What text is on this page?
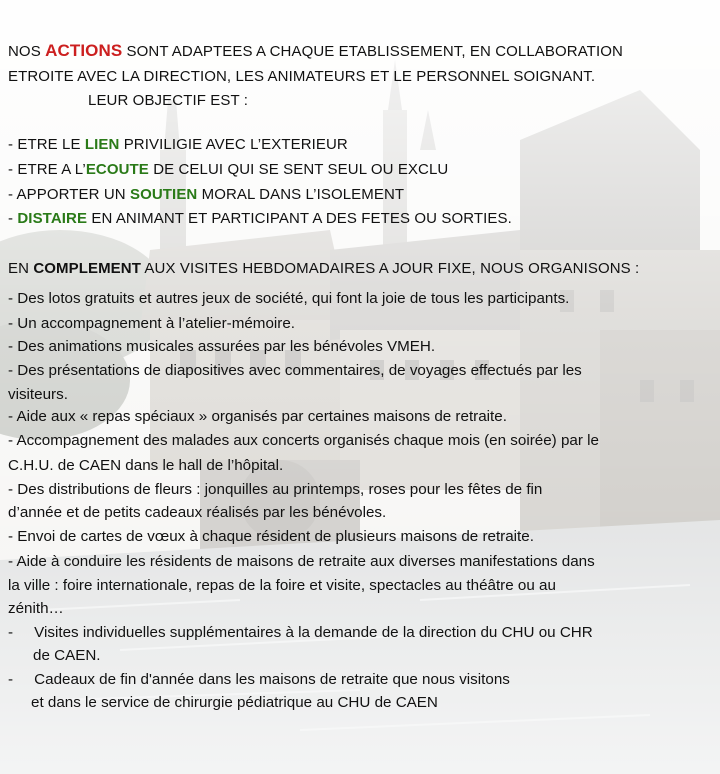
NOS ACTIONS SONT ADAPTEES A CHAQUE ETABLISSEMENT, EN COLLABORATION
ETROITE AVEC LA DIRECTION, LES ANIMATEURS ET LE PERSONNEL SOIGNANT.
LEUR OBJECTIF EST :
- ETRE LE LIEN PRIVILIGIE AVEC L’EXTERIEUR
- ETRE A L’ECOUTE DE CELUI QUI SE SENT SEUL OU EXCLU
- APPORTER UN SOUTIEN MORAL DANS L’ISOLEMENT
- DISTAIRE EN ANIMANT ET PARTICIPANT A DES FETES OU SORTIES.
EN COMPLEMENT AUX VISITES HEBDOMADAIRES A JOUR FIXE, NOUS ORGANISONS :
- Des lotos gratuits et autres jeux de société, qui font la joie de tous les participants.
- Un accompagnement à l’atelier-mémoire.
- Des animations musicales assurées par les bénévoles VMEH.
- Des présentations de diapositives avec commentaires, de voyages effectués par les
visiteurs.
- Aide aux « repas spéciaux » organisés par certaines maisons de retraite.
- Accompagnement des malades aux concerts organisés chaque mois (en soirée) par le
C.H.U. de CAEN dans le hall de l’hôpital.
- Des distributions de fleurs : jonquilles au printemps, roses pour les fêtes de fin
d’année et de petits cadeaux réalisés par les bénévoles.
- Envoi de cartes de vœux à chaque résident de plusieurs maisons de retraite.
- Aide à conduire les résidents de maisons de retraite aux diverses manifestations dans
la ville : foire internationale, repas de la foire et visite, spectacles au théâtre ou au
zénith…
-     Visites individuelles supplémentaires à la demande de la direction du CHU ou CHR
de CAEN.
-     Cadeaux de fin d'année dans les maisons de retraite que nous visitons
et dans le service de chirurgie pédiatrique au CHU de CAEN
